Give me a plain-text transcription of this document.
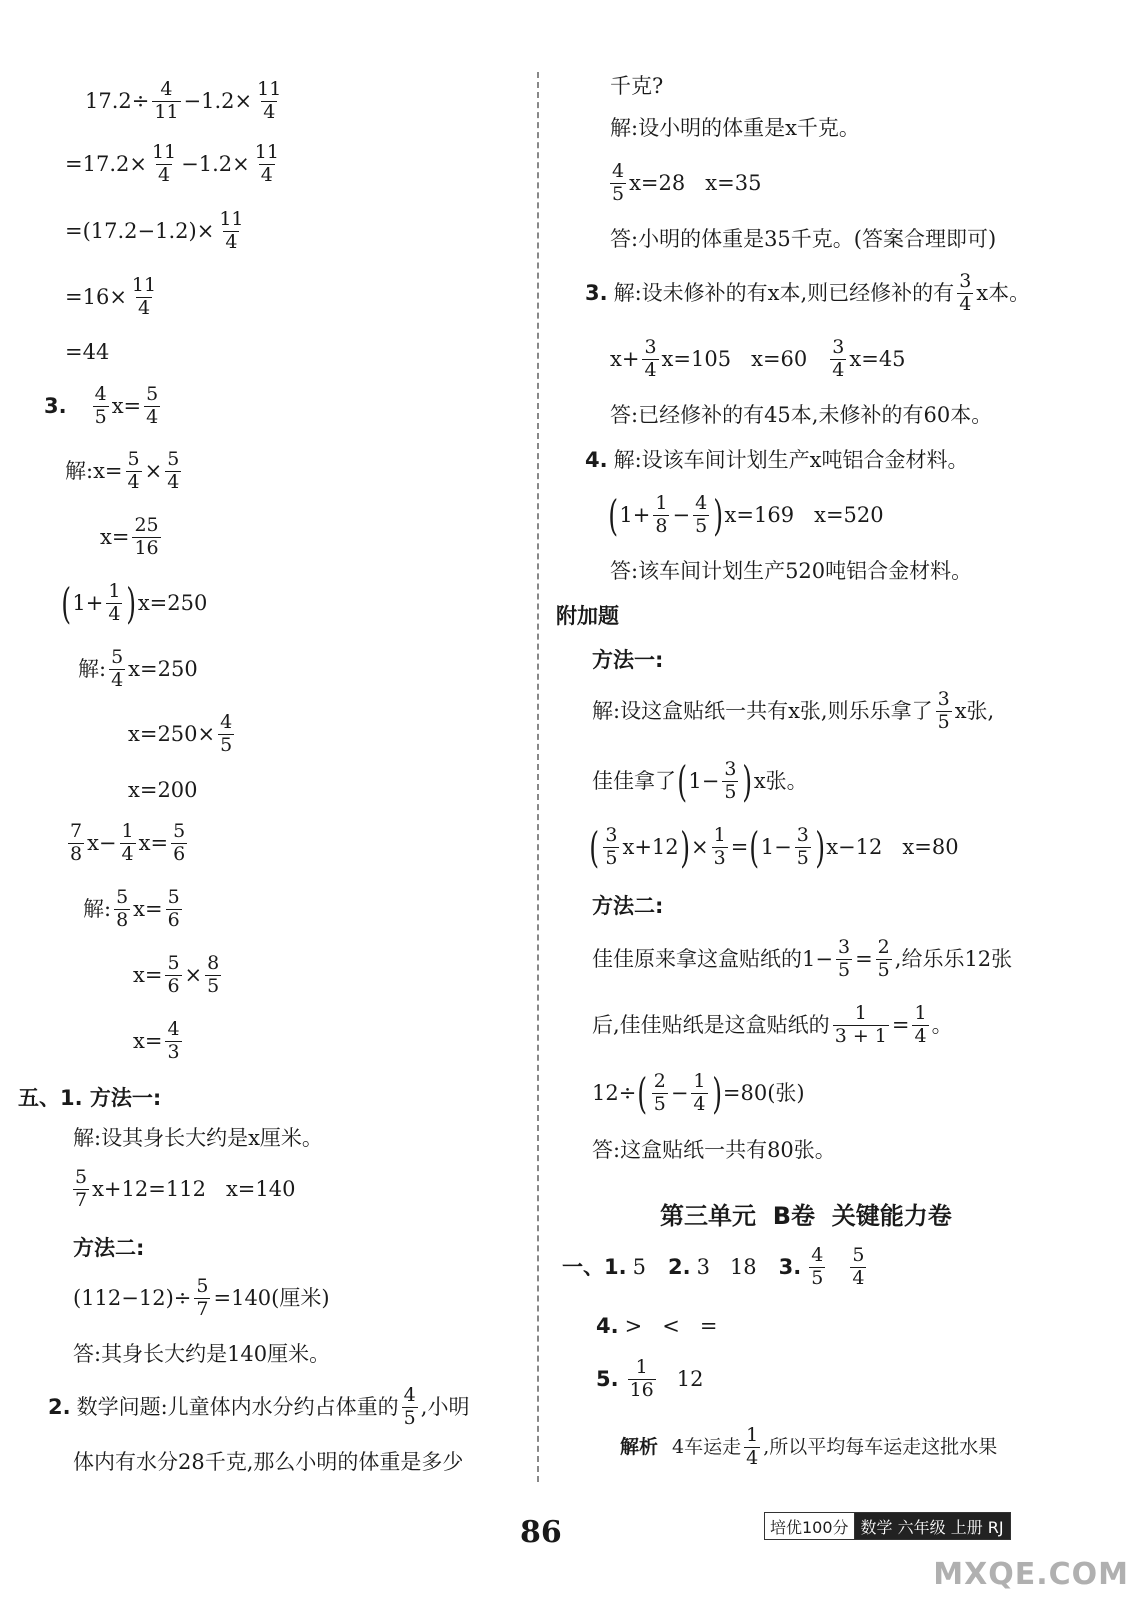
$17.2\div \frac{4}{11} -1.2\times \frac{11}{4}$
$=17.2\times \frac{11}{4} -1.2\times \frac{11}{4}$
$=(17.2-1.2)\times \frac{11}{4}$
$=16\times \frac{11}{4}$
=44
3. $\frac{4}{5} x= \frac{5}{4}$
解:x= $\frac{5}{4} \times \frac{5}{4}$
$x= \frac{25}{16}$
( $1+ \frac{1}{4}$ ) x=250
解: $\frac{5}{4} x=250$
$x=250\times \frac{4}{5}$
x=200
$\frac{7}{8} x- \frac{1}{4} x= \frac{5}{6}$
解: $\frac{5}{8} x= \frac{5}{6}$
$x= \frac{5}{6} \times \frac{8}{5}$
$x= \frac{4}{3}$
五、1. 方法一:
解:设其身长大约是x厘米。
$\frac{5}{7} x+12=112$   x=140
方法二:
$(112-12)\div \frac{5}{7} =140$(厘米)
答:其身长大约是140厘米。
2. 数学问题:儿童体内水分约占体重的 $\frac{4}{5}$ ,小明
体内有水分28千克,那么小明的体重是多少
千克?
解:设小明的体重是x千克。
$\frac{4}{5} x=28$   x=35
答:小明的体重是35千克。(答案合理即可)
3. 解:设未修补的有x本,则已经修补的有 $\frac{3}{4}$ x本。
$x+ \frac{3}{4} x=105$   $x=60 \frac{3}{4} x=45$
答:已经修补的有45本,未修补的有60本。
4. 解:设该车间计划生产x吨铝合金材料。
( $1+ \frac{1}{8} - \frac{4}{5}$ ) x=169   x=520
答:该车间计划生产520吨铝合金材料。
附加题
方法一:
解:设这盒贴纸一共有x张,则乐乐拿了 $\frac{3}{5}$ x张,
佳佳拿了 ( $1- \frac{3}{5}$ ) x张。
( $\frac{3}{5} x+12$ ) × $\frac{1}{3}$ = ( $1- \frac{3}{5}$ ) x−12   x=80
方法二:
佳佳原来拿这盒贴纸的$1- \frac{3}{5} = \frac{2}{5}$ ,给乐乐12张
后,佳佳贴纸是这盒贴纸的 $\frac{1}{3 + 1} = \frac{1}{4}$ 。
12÷ ( $\frac{2}{5} - \frac{1}{4}$ ) =80(张)
答:这盒贴纸一共有80张。
第三单元  B卷  关键能力卷
一、1. 5 2. 3   18 3. $\frac{4}{5} \frac{5}{4}$
4. >   <   =
5. $\frac{1}{16} 12$
解析 4车运走 $\frac{1}{4}$ ,所以平均每车运走这批水果
86	培优100分 数学 六年级 上册 RJ
MXQE.COM
